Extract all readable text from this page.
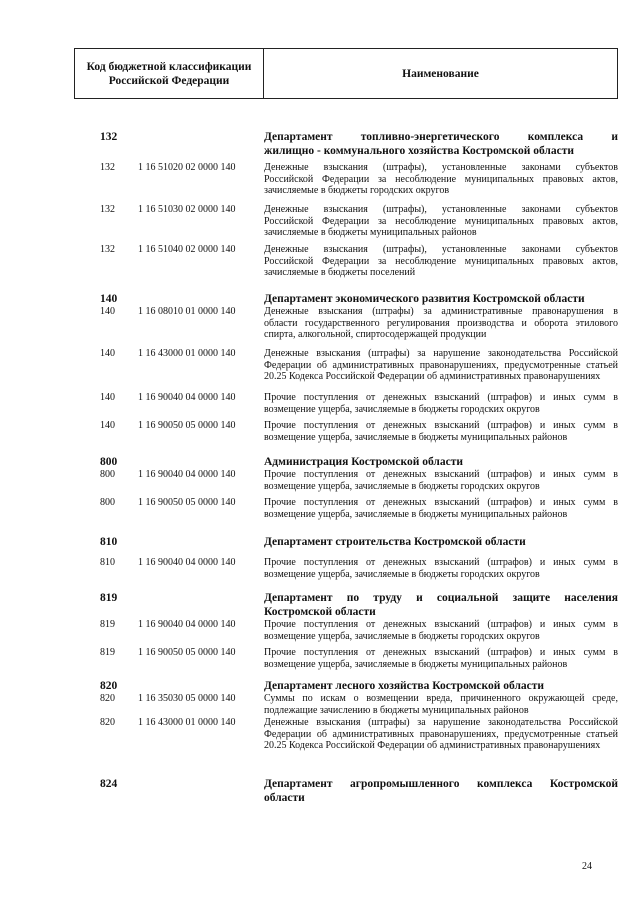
Код бюджетной классификации
Российской Федерации
Наименование
132	Департамент топливно-энергетического комплекса и
жилищно - коммунального хозяйства Костромской области
132	1 16 51020 02 0000 140	Денежные взыскания (штрафы), установленные законами субъектов
Российской Федерации за несоблюдение муниципальных правовых актов,
зачисляемые в бюджеты городских округов
132	1 16 51030 02 0000 140	Денежные взыскания (штрафы), установленные законами субъектов
Российской Федерации за несоблюдение муниципальных правовых актов,
зачисляемые в бюджеты муниципальных районов
132	1 16 51040 02 0000 140	Денежные взыскания (штрафы), установленные законами субъектов
Российской Федерации за несоблюдение муниципальных правовых актов,
зачисляемые в бюджеты поселений
140	Департамент экономического развития Костромской области
140	1 16 08010 01 0000 140	Денежные взыскания (штрафы) за административные правонарушения в
области государственного регулирования производства и оборота этилового
спирта, алкогольной, спиртосодержащей продукции
140	1 16 43000 01 0000 140	Денежные взыскания (штрафы) за нарушение законодательства Российской
Федерации об административных правонарушениях, предусмотренные статьей
20.25 Кодекса Российской Федерации об административных правонарушениях
140	1 16 90040 04 0000 140	Прочие поступления от денежных взысканий (штрафов) и иных сумм в
возмещение ущерба, зачисляемые в бюджеты городских округов
140	1 16 90050 05 0000 140	Прочие поступления от денежных взысканий (штрафов) и иных сумм в
возмещение ущерба, зачисляемые в бюджеты муниципальных районов
800	Администрация Костромской области
800	1 16 90040 04 0000 140	Прочие поступления от денежных взысканий (штрафов) и иных сумм в
возмещение ущерба, зачисляемые в бюджеты городских округов
800	1 16 90050 05 0000 140	Прочие поступления от денежных взысканий (штрафов) и иных сумм в
возмещение ущерба, зачисляемые в бюджеты муниципальных районов
810	Департамент строительства Костромской области
810	1 16 90040 04 0000 140	Прочие поступления от денежных взысканий (штрафов) и иных сумм в
возмещение ущерба, зачисляемые в бюджеты городских округов
819	Департамент по труду и социальной защите населения
Костромской области
819	1 16 90040 04 0000 140	Прочие поступления от денежных взысканий (штрафов) и иных сумм в
возмещение ущерба, зачисляемые в бюджеты городских округов
819	1 16 90050 05 0000 140	Прочие поступления от денежных взысканий (штрафов) и иных сумм в
возмещение ущерба, зачисляемые в бюджеты муниципальных районов
820	Департамент лесного хозяйства Костромской области
820	1 16 35030 05 0000 140	Суммы по искам о возмещении вреда, причиненного окружающей среде,
подлежащие зачислению в бюджеты муниципальных районов
820	1 16 43000 01 0000 140	Денежные взыскания (штрафы) за нарушение законодательства Российской
Федерации об административных правонарушениях, предусмотренные статьей
20.25 Кодекса Российской Федерации об административных правонарушениях
824	Департамент агропромышленного комплекса Костромской
области
24
